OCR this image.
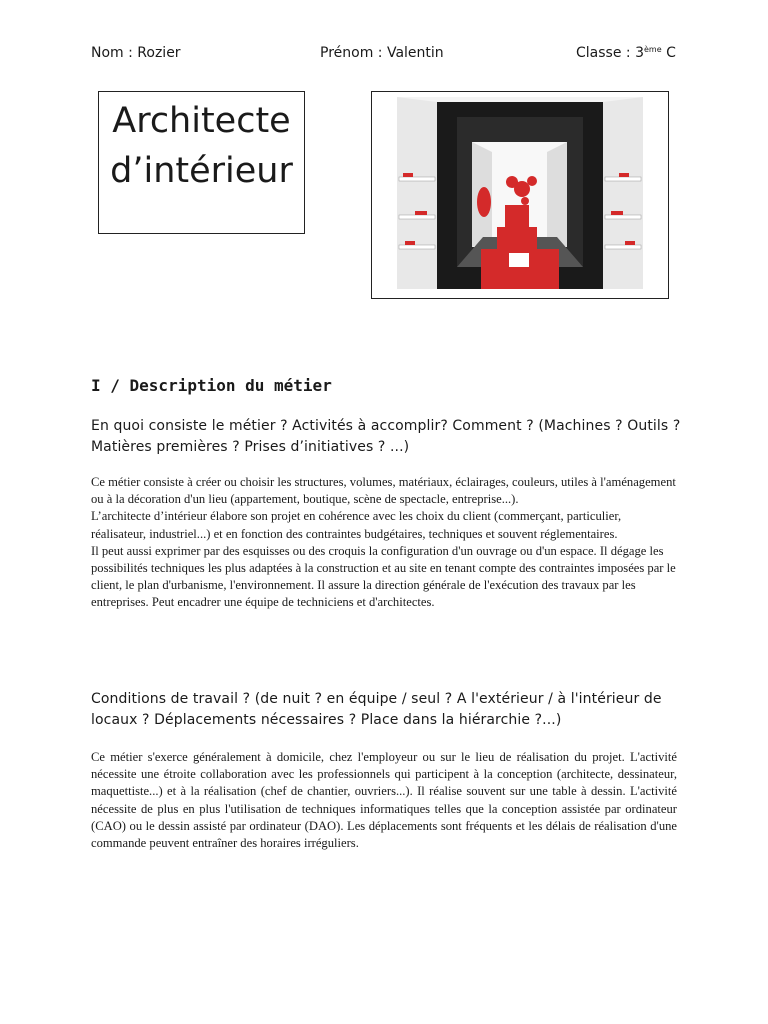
Nom : Rozier	Prénom : Valentin	Classe : 3ème C
Architecte
d’intérieur
I / Description du métier
En quoi consiste le métier ? Activités à accomplir? Comment ? (Machines ? Outils ? Matières premières ? Prises d’initiatives ? ...)

Ce métier consiste à créer ou choisir les structures, volumes, matériaux, éclairages, couleurs, utiles à l'aménagement ou à la décoration d'un lieu (appartement, boutique, scène de spectacle, entreprise...).

L’architecte d’intérieur élabore son projet en cohérence avec les choix du client (commerçant, particulier, réalisateur, industriel...) et en fonction des contraintes budgétaires, techniques et souvent réglementaires.

Il peut aussi exprimer par des esquisses ou des croquis la configuration d'un ouvrage ou d'un espace. Il dégage les possibilités techniques les plus adaptées à la construction et au site en tenant compte des contraintes imposées par le client, le plan d'urbanisme, l'environnement. Il assure la direction générale de l'exécution des travaux par les entreprises. Peut encadrer une équipe de techniciens et d'architectes.

Conditions de travail ? (de nuit ? en équipe / seul ? A l'extérieur / à l'intérieur de locaux ? Déplacements nécessaires ? Place dans la hiérarchie ?...)

Ce métier s'exerce généralement à domicile, chez l'employeur ou sur le lieu de réalisation du projet. L'activité nécessite une étroite collaboration avec les professionnels qui participent à la conception (architecte, dessinateur, maquettiste...) et à la réalisation (chef de chantier, ouvriers...). Il réalise souvent sur une table à dessin. L'activité nécessite de plus en plus l'utilisation de techniques informatiques telles que la conception assistée par ordinateur (CAO) ou le dessin assisté par ordinateur (DAO). Les déplacements sont fréquents et les délais de réalisation d'une commande peuvent entraîner des horaires irréguliers.
